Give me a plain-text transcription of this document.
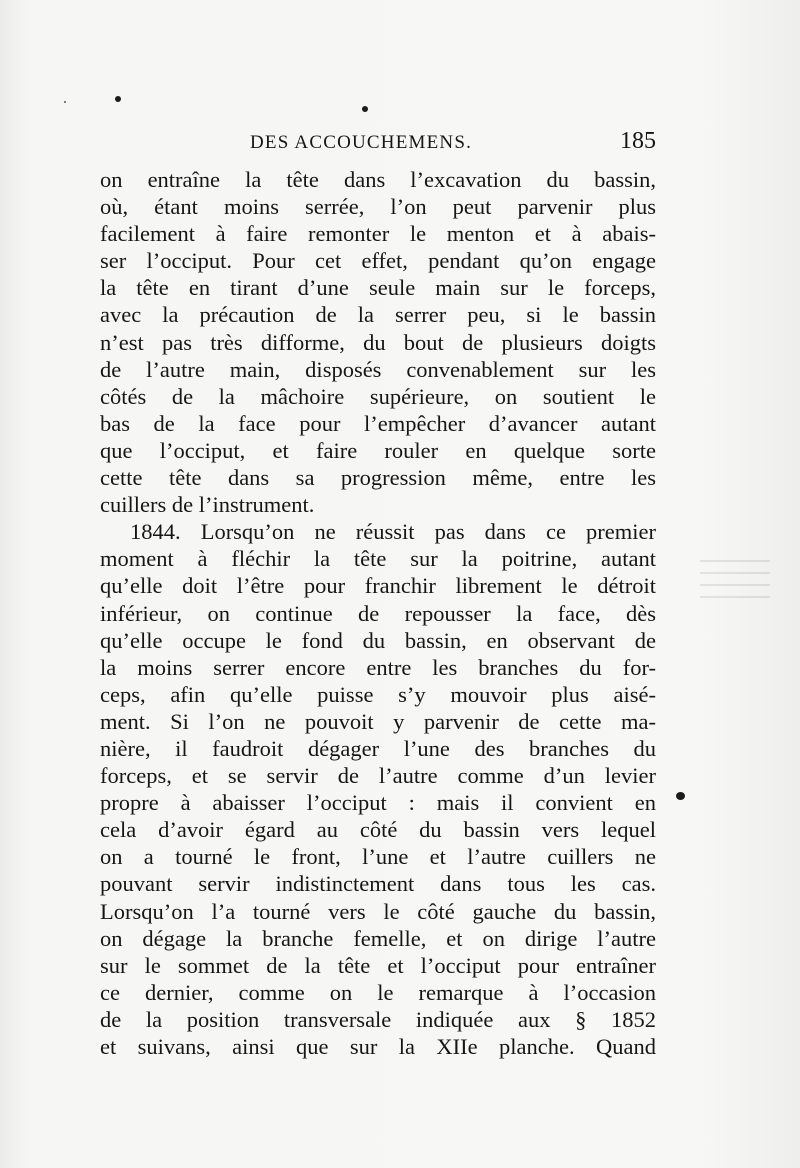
DES ACCOUCHEMENS.	185
on entraîne la tête dans l’excavation du bassin,
où, étant moins serrée, l’on peut parvenir plus
facilement à faire remonter le menton et à abais-
ser l’occiput. Pour cet effet, pendant qu’on engage
la tête en tirant d’une seule main sur le forceps,
avec la précaution de la serrer peu, si le bassin
n’est pas très difforme, du bout de plusieurs doigts
de l’autre main, disposés convenablement sur les
côtés de la mâchoire supérieure, on soutient le
bas de la face pour l’empêcher d’avancer autant
que l’occiput, et faire rouler en quelque sorte
cette tête dans sa progression même, entre les
cuillers de l’instrument.
1844. Lorsqu’on ne réussit pas dans ce premier
moment à fléchir la tête sur la poitrine, autant
qu’elle doit l’être pour franchir librement le détroit
inférieur, on continue de repousser la face, dès
qu’elle occupe le fond du bassin, en observant de
la moins serrer encore entre les branches du for-
ceps, afin qu’elle puisse s’y mouvoir plus aisé-
ment. Si l’on ne pouvoit y parvenir de cette ma-
nière, il faudroit dégager l’une des branches du
forceps, et se servir de l’autre comme d’un levier
propre à abaisser l’occiput : mais il convient en
cela d’avoir égard au côté du bassin vers lequel
on a tourné le front, l’une et l’autre cuillers ne
pouvant servir indistinctement dans tous les cas.
Lorsqu’on l’a tourné vers le côté gauche du bassin,
on dégage la branche femelle, et on dirige l’autre
sur le sommet de la tête et l’occiput pour entraîner
ce dernier, comme on le remarque à l’occasion
de la position transversale indiquée aux § 1852
et suivans, ainsi que sur la XIIe planche. Quand
